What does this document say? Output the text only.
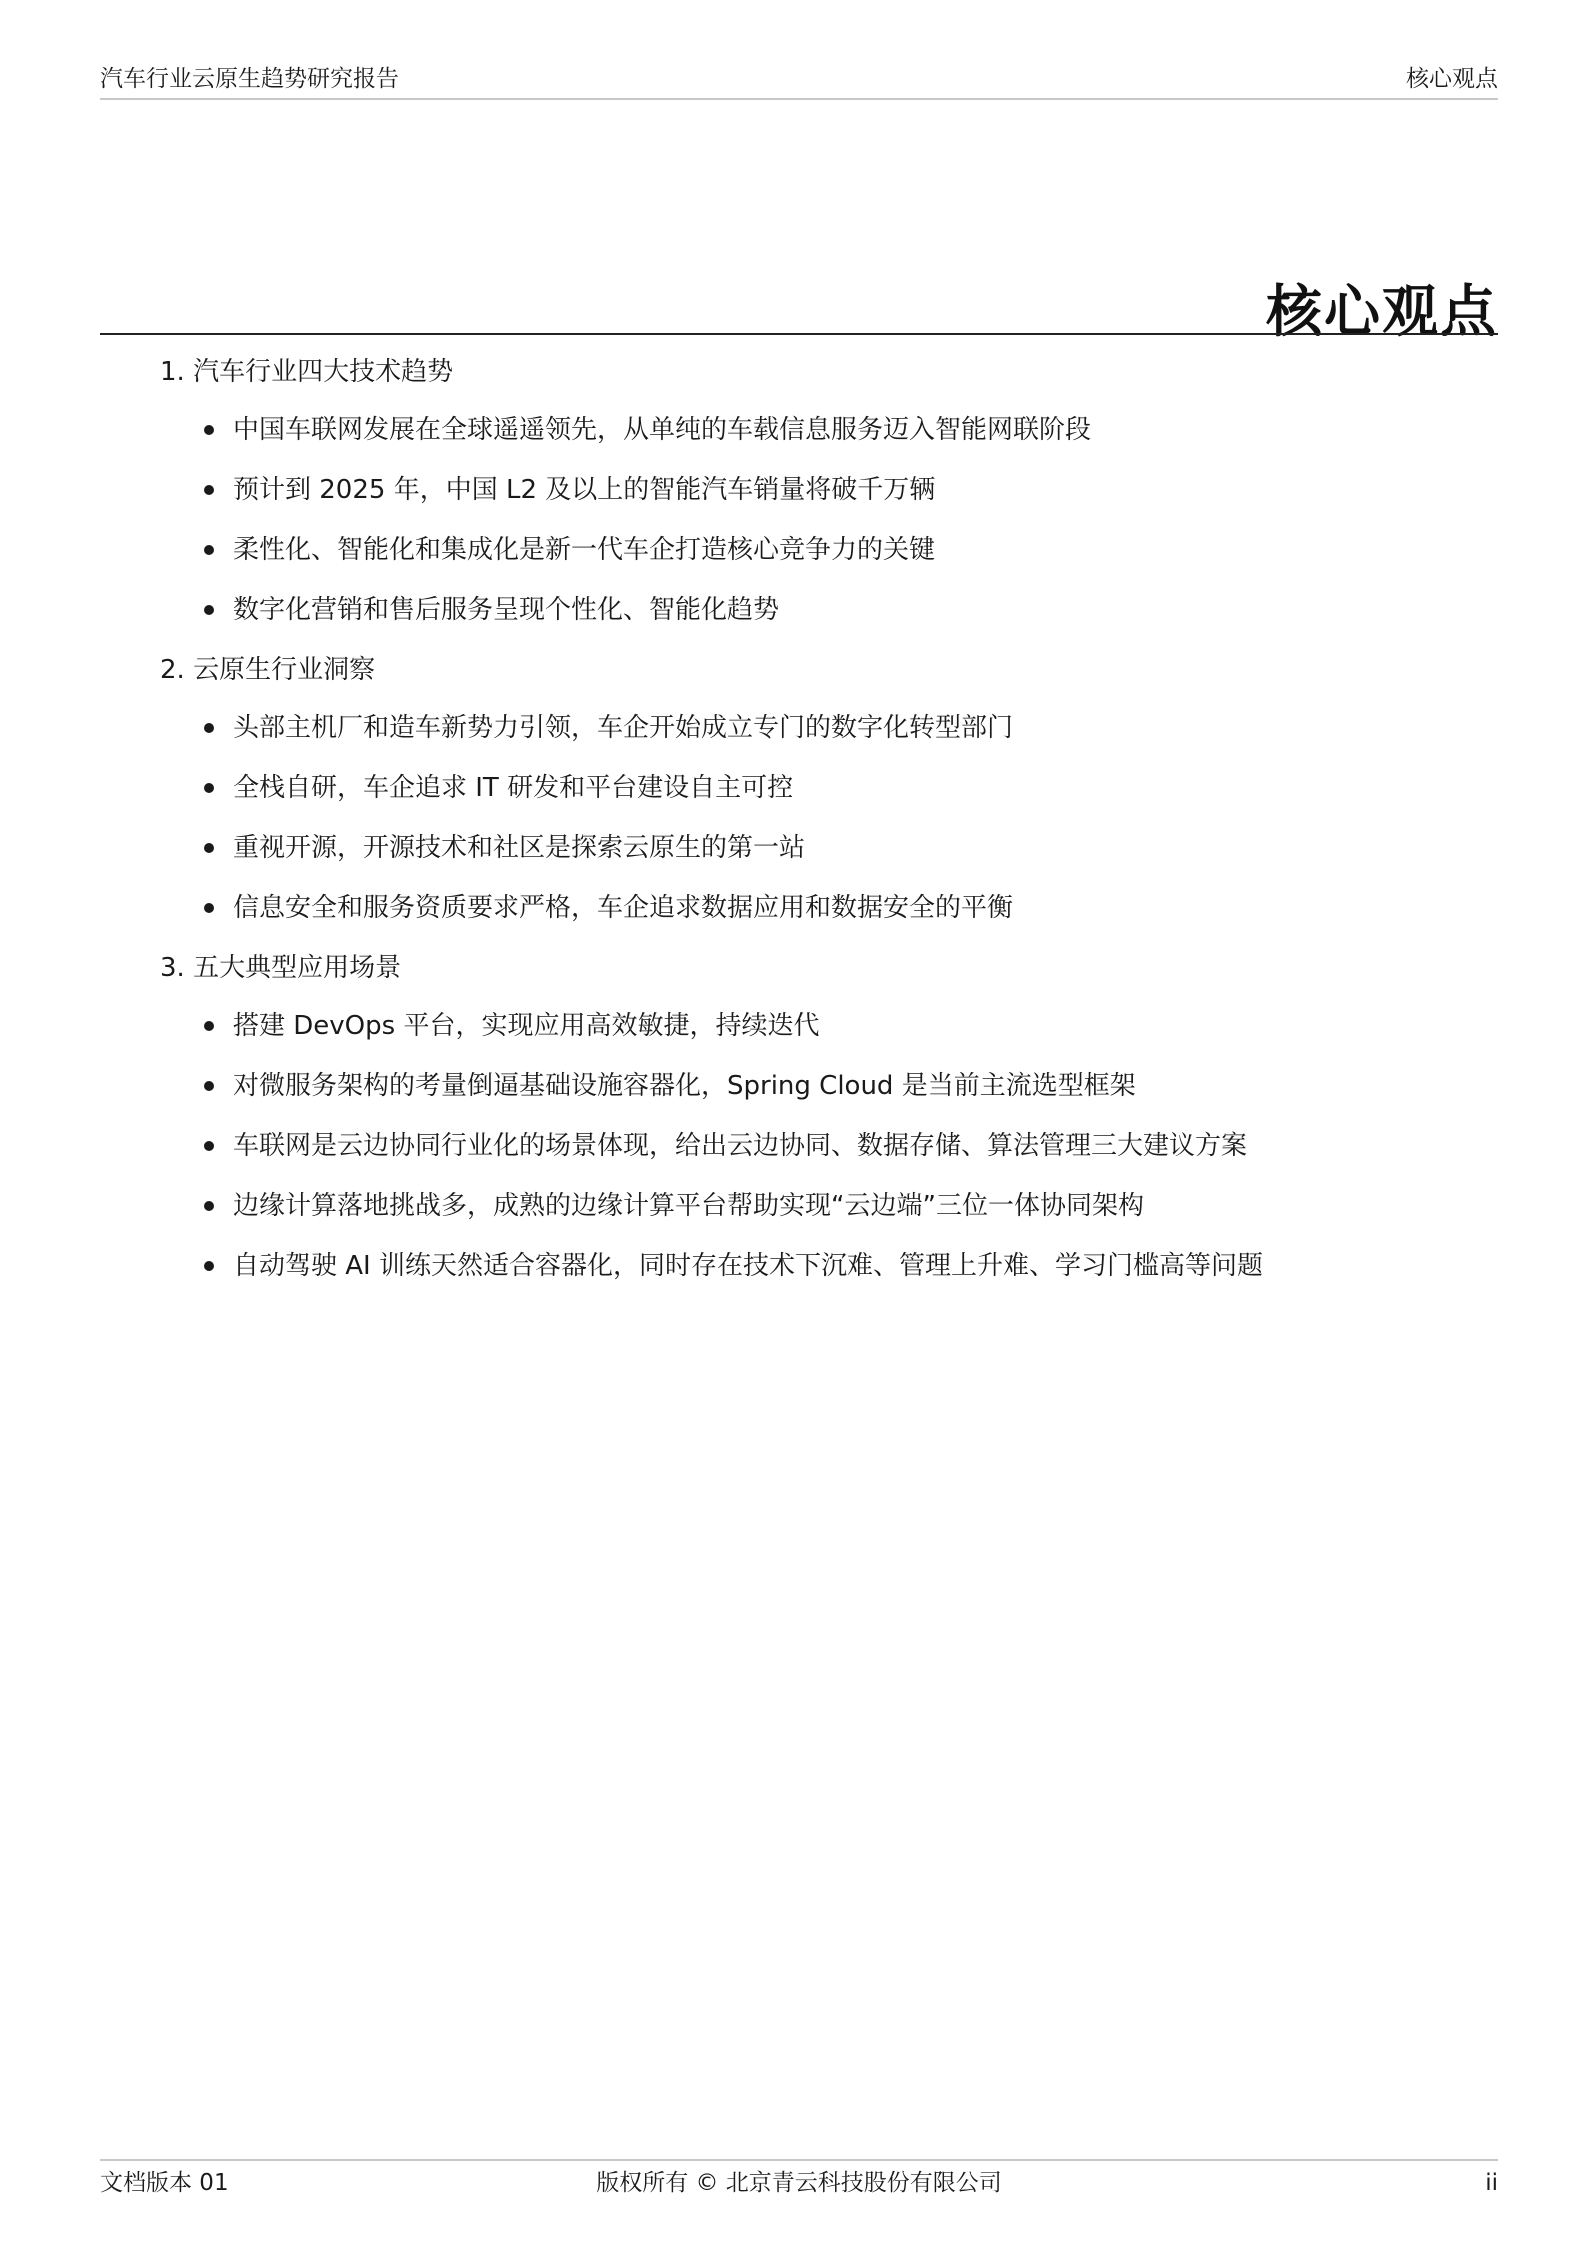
汽车行业云原生趋势研究报告	核心观点
核心观点
1. 汽车行业四大技术趋势
中国车联网发展在全球遥遥领先，从单纯的车载信息服务迈入智能网联阶段
预计到 2025 年，中国 L2 及以上的智能汽车销量将破千万辆
柔性化、智能化和集成化是新一代车企打造核心竞争力的关键
数字化营销和售后服务呈现个性化、智能化趋势
2. 云原生行业洞察
头部主机厂和造车新势力引领，车企开始成立专门的数字化转型部门
全栈自研，车企追求 IT 研发和平台建设自主可控
重视开源，开源技术和社区是探索云原生的第一站
信息安全和服务资质要求严格，车企追求数据应用和数据安全的平衡
3. 五大典型应用场景
搭建 DevOps 平台，实现应用高效敏捷，持续迭代
对微服务架构的考量倒逼基础设施容器化，Spring Cloud 是当前主流选型框架
车联网是云边协同行业化的场景体现，给出云边协同、数据存储、算法管理三大建议方案
边缘计算落地挑战多，成熟的边缘计算平台帮助实现“云边端”三位一体协同架构
自动驾驶 AI 训练天然适合容器化，同时存在技术下沉难、管理上升难、学习门槛高等问题
文档版本 01	版权所有 © 北京青云科技股份有限公司	ii
